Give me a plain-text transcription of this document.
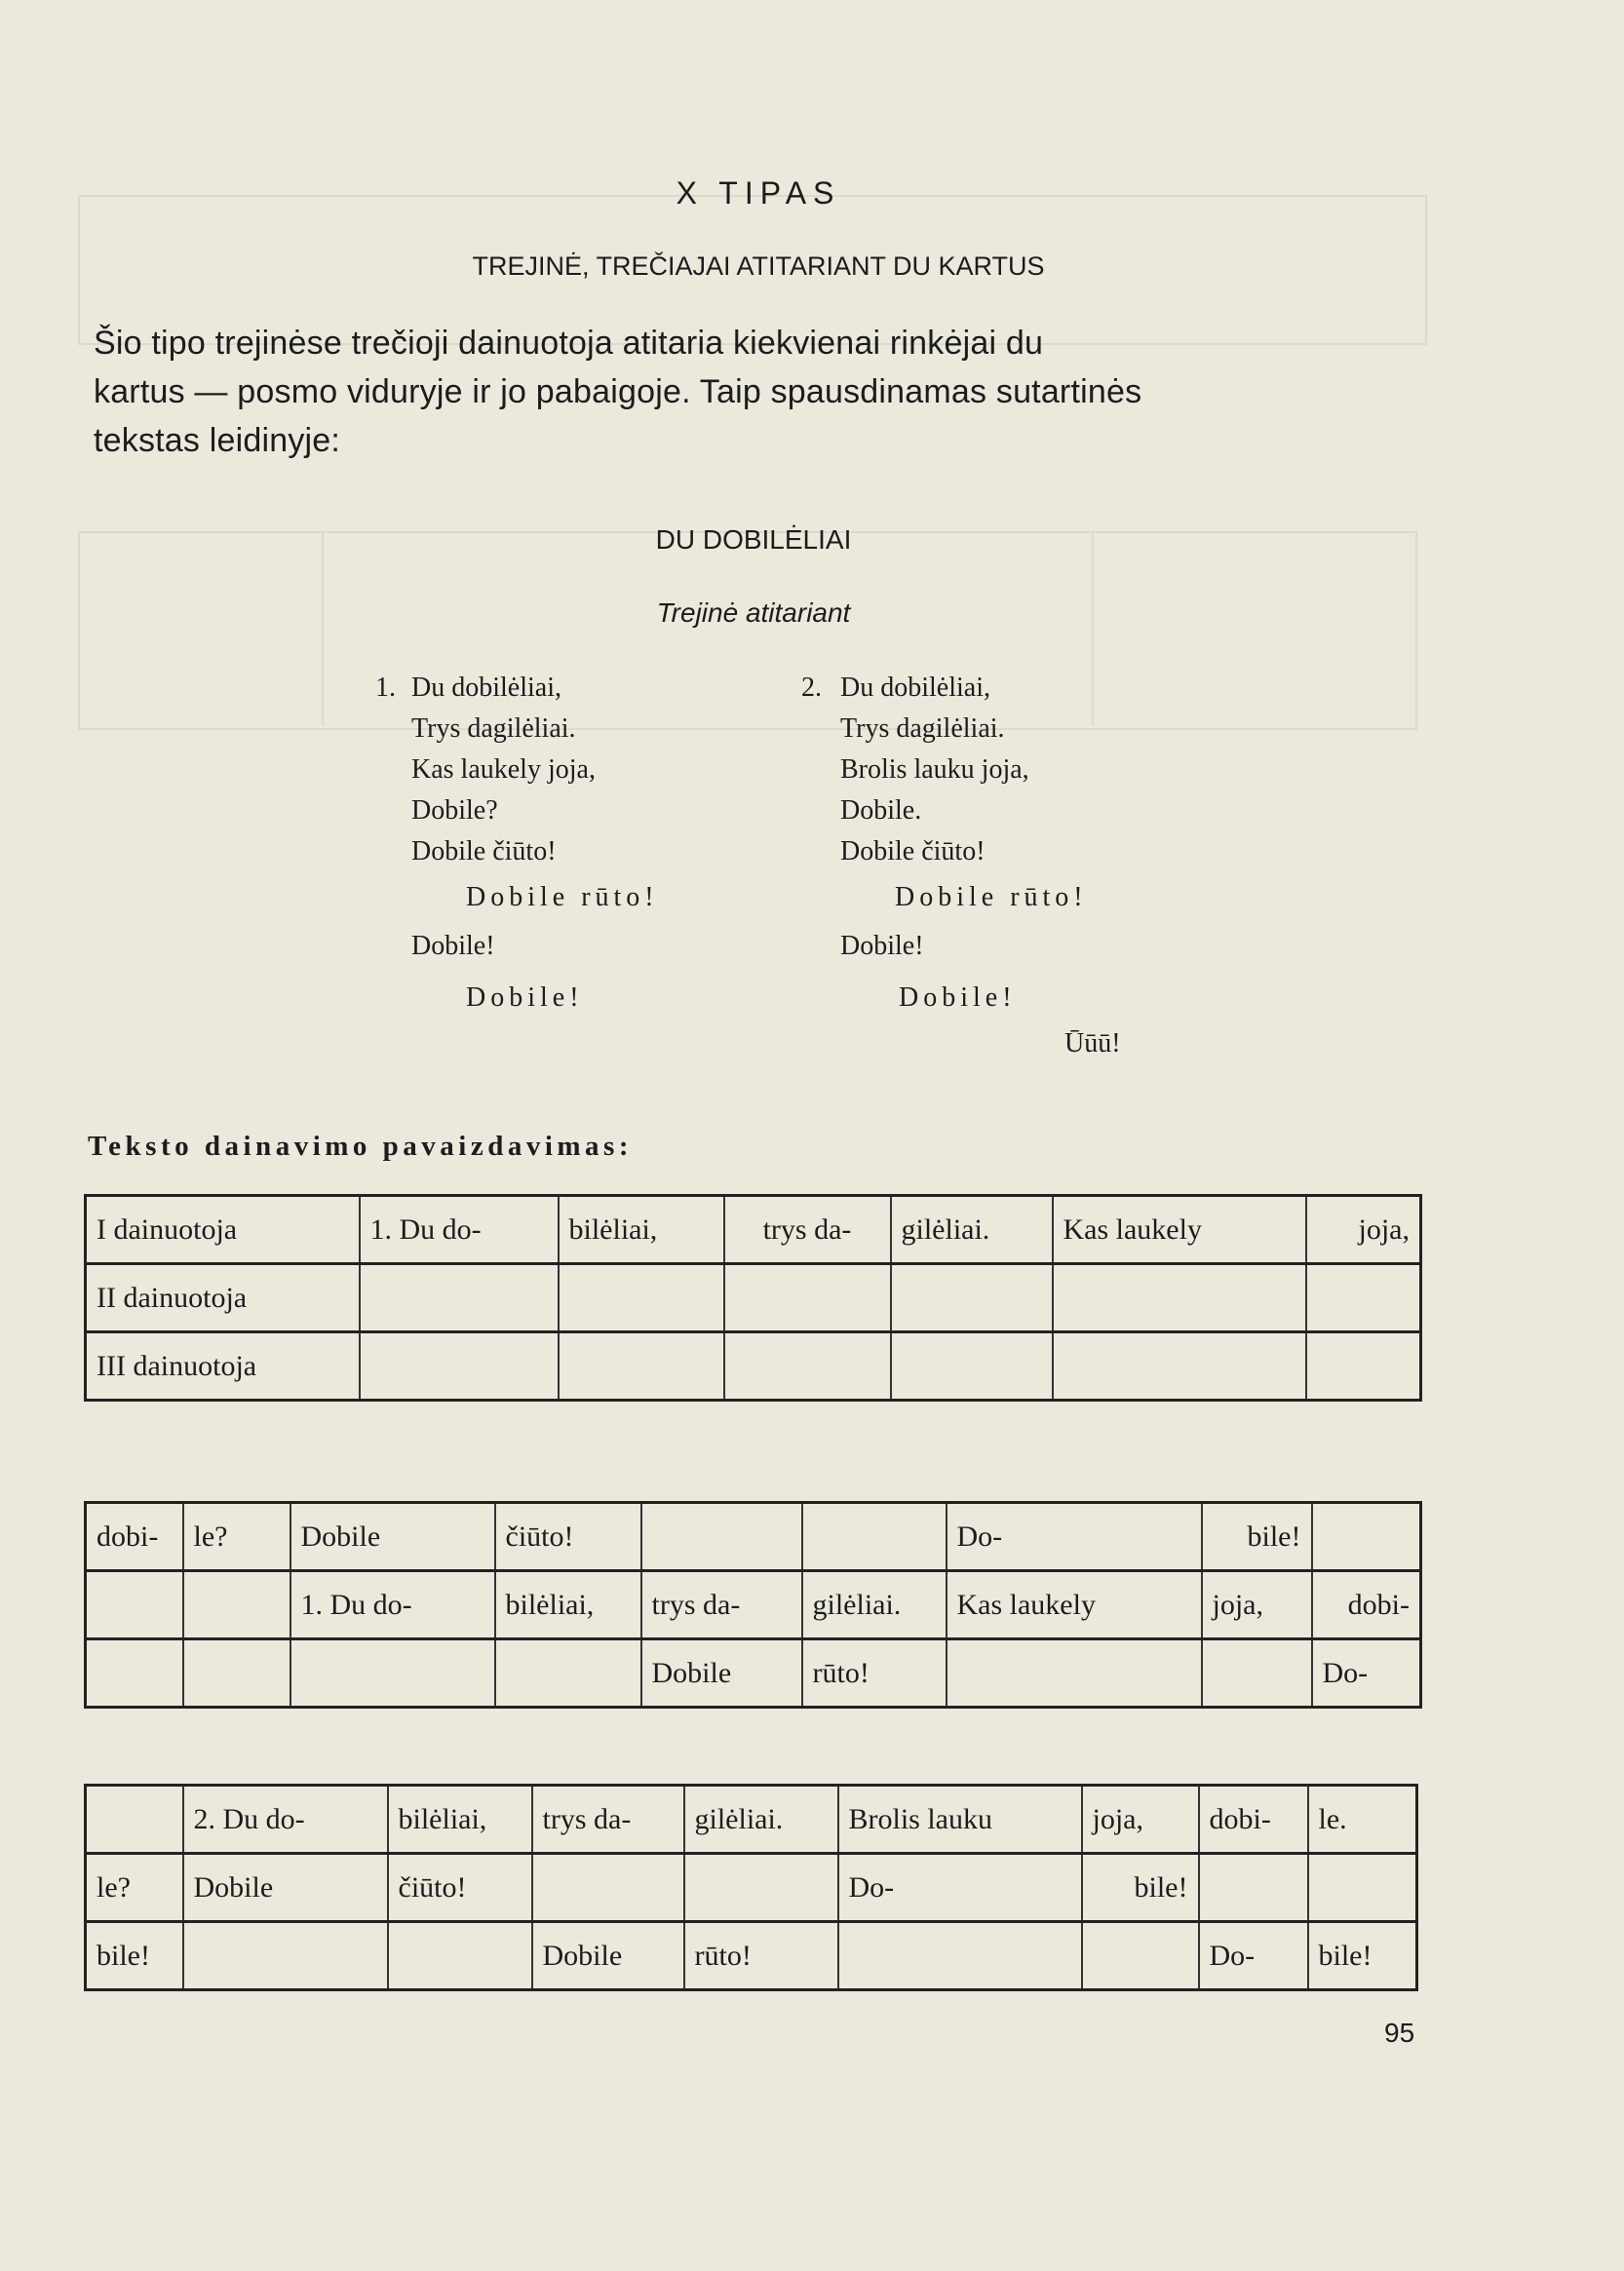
X TIPAS
TREJINĖ, TREČIAJAI ATITARIANT DU KARTUS
Šio tipo trejinėse trečioji dainuotoja atitaria kiekvienai rinkėjai du
kartus — posmo viduryje ir jo pabaigoje. Taip spausdinamas sutartinės
tekstas leidinyje:
DU DOBILĖLIAI
Trejinė atitariant
1. Du dobilėliai,
Trys dagilėliai.
Kas laukely joja,
Dobile?
Dobile čiūto!
Dobile rūto!
Dobile!
Dobile!
2. Du dobilėliai,
Trys dagilėliai.
Brolis lauku joja,
Dobile.
Dobile čiūto!
Dobile rūto!
Dobile!
Dobile!
Ūūū!
Teksto dainavimo pavaizdavimas:
I dainuotoja	1. Du do-	bilėliai,	trys da-	gilėliai.	Kas laukely	joja,
II dainuotoja						
III dainuotoja						
dobi-	le?	Dobile	čiūto!			Do-	bile!	
		1. Du do-	bilėliai,	trys da-	gilėliai.	Kas laukely	joja,	dobi-
				Dobile	rūto!			Do-
	2. Du do-	bilėliai,	trys da-	gilėliai.	Brolis lauku	joja,	dobi-	le.
le?	Dobile	čiūto!			Do-	bile!		
bile!			Dobile	rūto!			Do-	bile!
95
